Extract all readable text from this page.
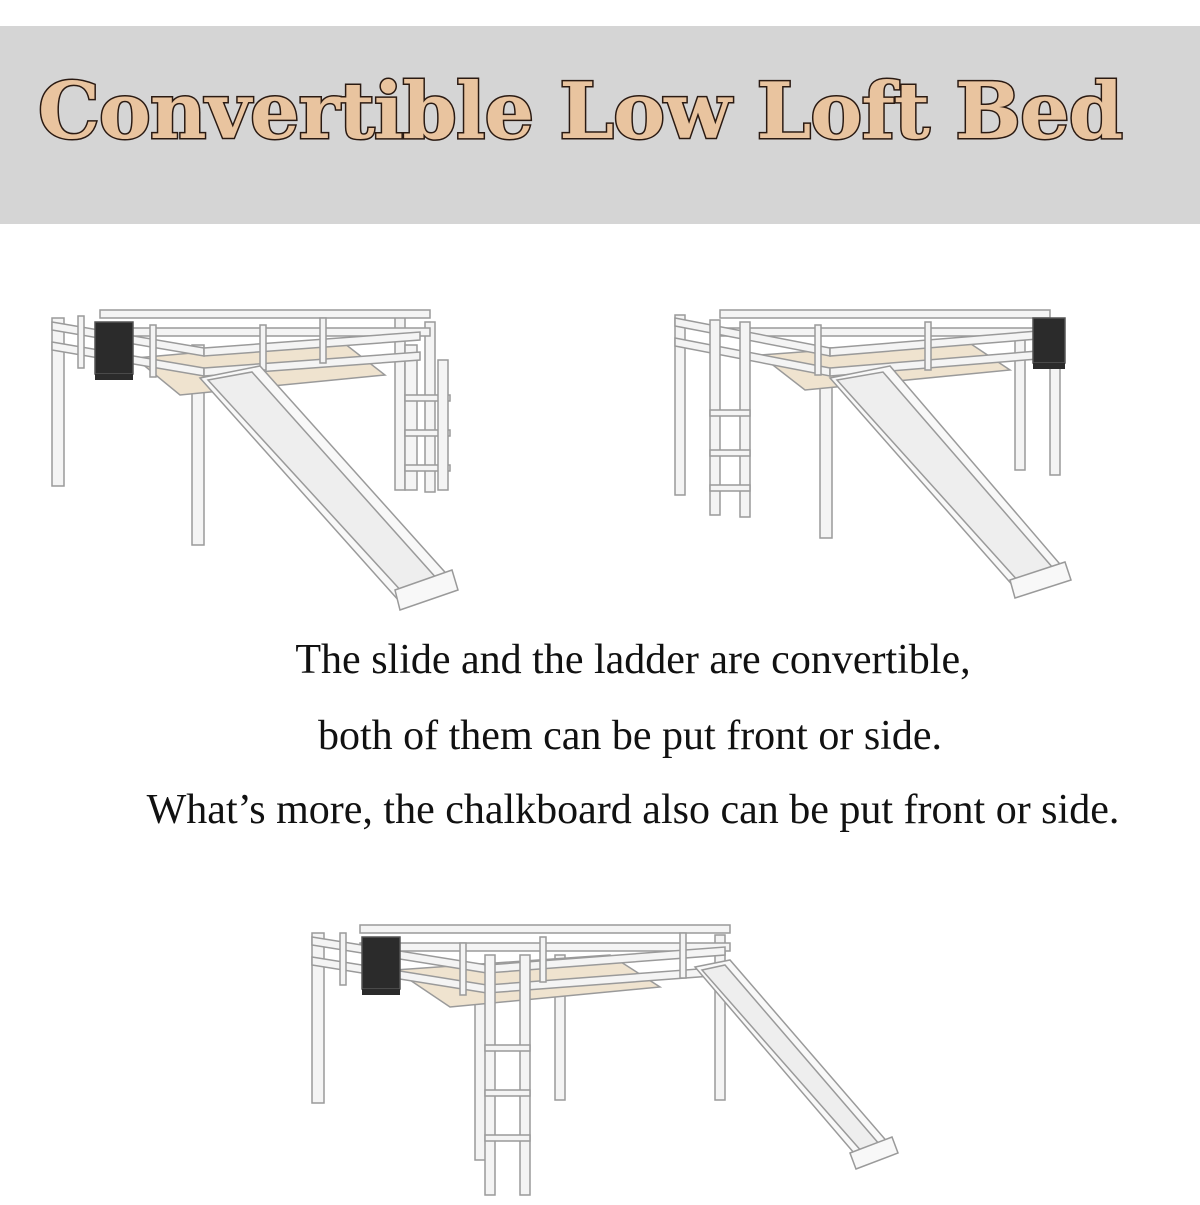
Convertible Low Loft Bed
The slide and the ladder are convertible,
both of them can be put front or side.
What’s more, the chalkboard also can be put front or side.
